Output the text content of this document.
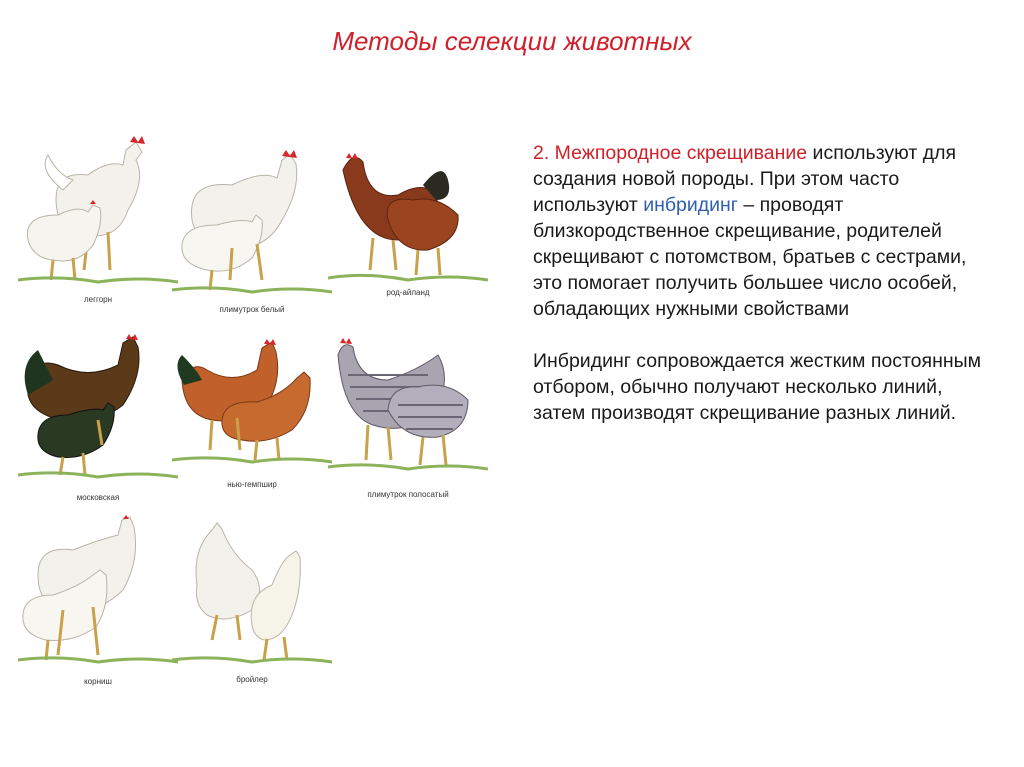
Методы селекции животных
леггорн
плимутрок белый
род-айланд
московская
нью-гемпшир
плимутрок полосатый
корниш	бройлер
2. Межпородное скрещивание используют для создания новой породы. При этом часто используют инбридинг – проводят близкородственное скрещивание, родителей скрещивают с потомством, братьев с сестрами, это помогает получить большее число особей, обладающих нужными свойствами
Инбридинг сопровождается жестким постоянным отбором, обычно получают несколько линий, затем производят скрещивание разных линий.
